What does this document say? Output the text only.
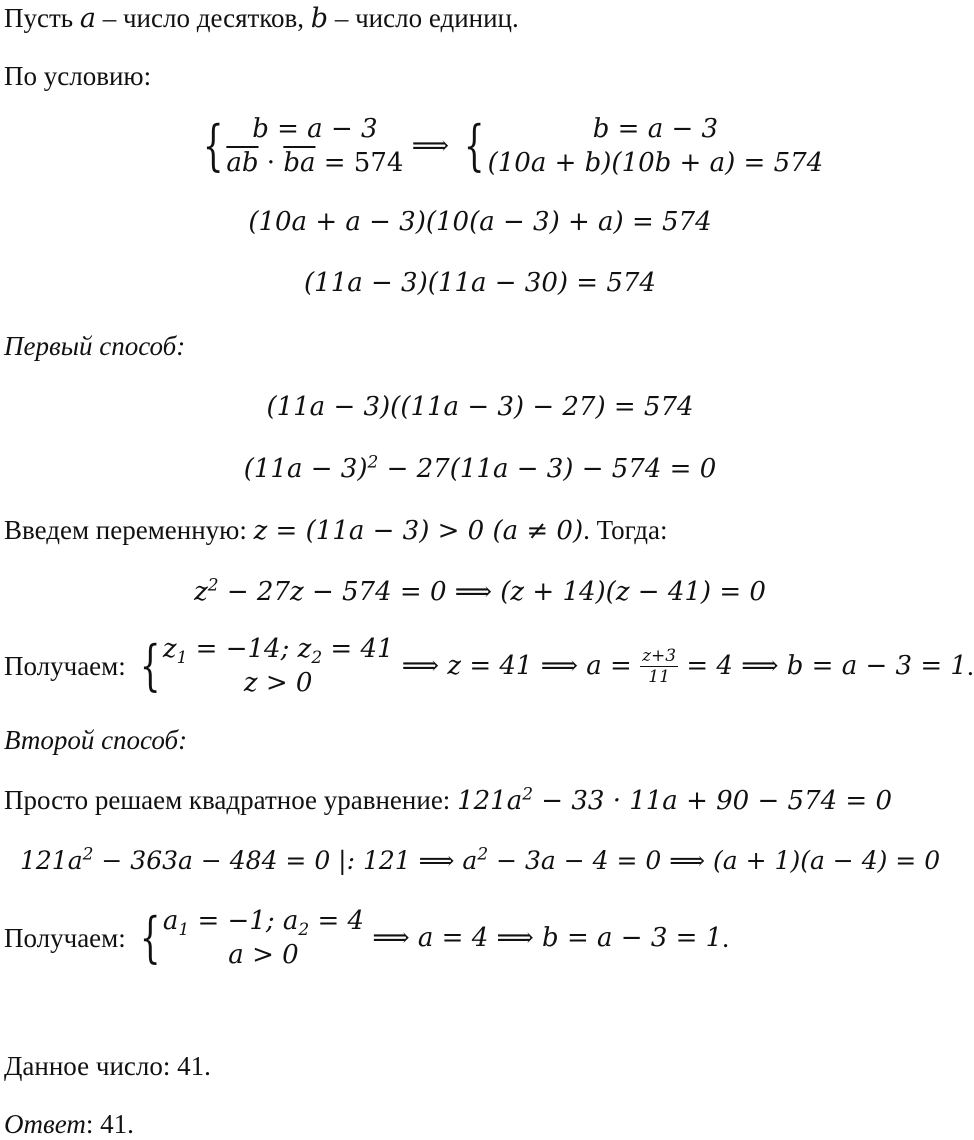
Пусть a – число десятков, b – число единиц.
По условию:
{	b = a − 3
$\overline{ab} \cdot \overline{ba} = 574$
⟹ {	b = a − 3
(10a + b)(10b + a) = 574
(10a + a − 3)(10(a − 3) + a) = 574
(11a − 3)(11a − 30) = 574
Первый способ:
(11a − 3)((11a − 3) − 27) = 574
$(11a - 3)^2 - 27(11a - 3) - 574 = 0$
Введем переменную: z = (11a − 3) > 0 (a ≠ 0). Тогда:
$z^2 - 27z - 574 = 0$ ⟹ (z + 14)(z − 41) = 0
Получаем: { $z_1 = -14$; $z_2 = 41$
z > 0
⟹ z = 41 ⟹ $a = \frac{z+3}{11} = 4$ ⟹ b = a − 3 = 1.
Второй способ:
Просто решаем квадратное уравнение: $121a^2 - 33 \cdot 11a + 90 - 574 = 0$
$121a^2 - 363a - 484 = 0$ |: 121 ⟹ $a^2 - 3a - 4 = 0$ ⟹ (a + 1)(a − 4) = 0
Получаем: { $a_1 = -1$; $a_2 = 4$
a > 0
⟹ a = 4 ⟹ b = a − 3 = 1.
Данное число: 41.
Ответ: 41.
